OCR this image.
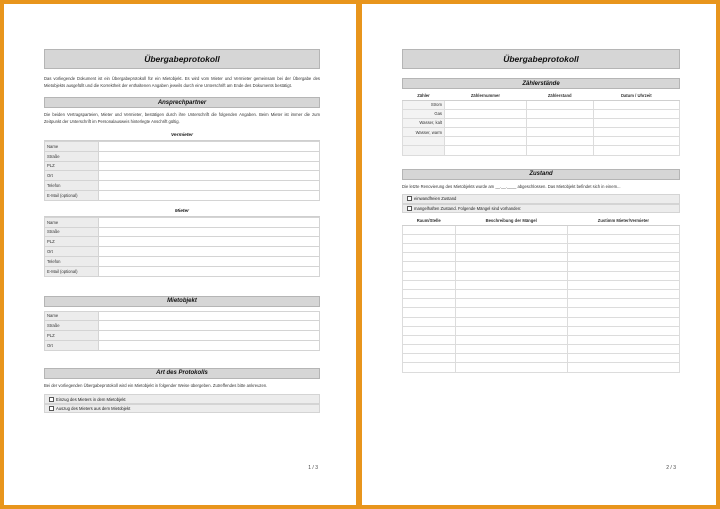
Übergabeprotokoll

Das vorliegende Dokument ist ein Übergabeprotokoll für ein Mietobjekt. Es wird vom Mieter und Vermieter gemeinsam bei der Übergabe des Mietobjekts ausgefüllt und die Korrektheit der enthaltenen Angaben jeweils durch eine Unterschrift am Ende des Dokuments bestätigt.

Ansprechpartner

Die beiden Vertragsparteien, Mieter und Vermieter, bestätigen durch ihre Unterschrift die folgenden Angaben. Beim Mieter ist immer die zum Zeitpunkt der Unterschrift im Personalausweis hinterlegte Anschrift gültig.

Vermieter
Name	
Straße	
PLZ	
Ort	
Telefon	
E-Mail (optional)	
Mieter
Name	
Straße	
PLZ	
Ort	
Telefon	
E-Mail (optional)	
Mietobjekt
Name	
Straße	
PLZ	
Ort	
Art des Protokolls

Bei der vorliegenden Übergabeprotokoll wird ein Mietobjekt in folgender Weise übergeben. Zutreffendes bitte ankreuzen.

Einzug des Mieters in dem Mietobjekt
Auszug des Mieters aus dem Mietobjekt
1 / 3

Übergabeprotokoll
Zählerstände
Zähler	Zählernummer	Zählerstand	Datum / Uhrzeit
Strom			
Gas			
Wasser, kalt			
Wasser, warm			

Zustand

Die letzte Renovierung des Mietobjekts wurde am __.__.____ abgeschlossen. Das Mietobjekt befindet sich in einem...

einwandfreien Zustand
mangelhaften Zustand. Folgende Mängel sind vorhanden:
Raum/Stelle	Beschreibung der Mängel	Zustimm Mieter/Vermieter

2 / 3
